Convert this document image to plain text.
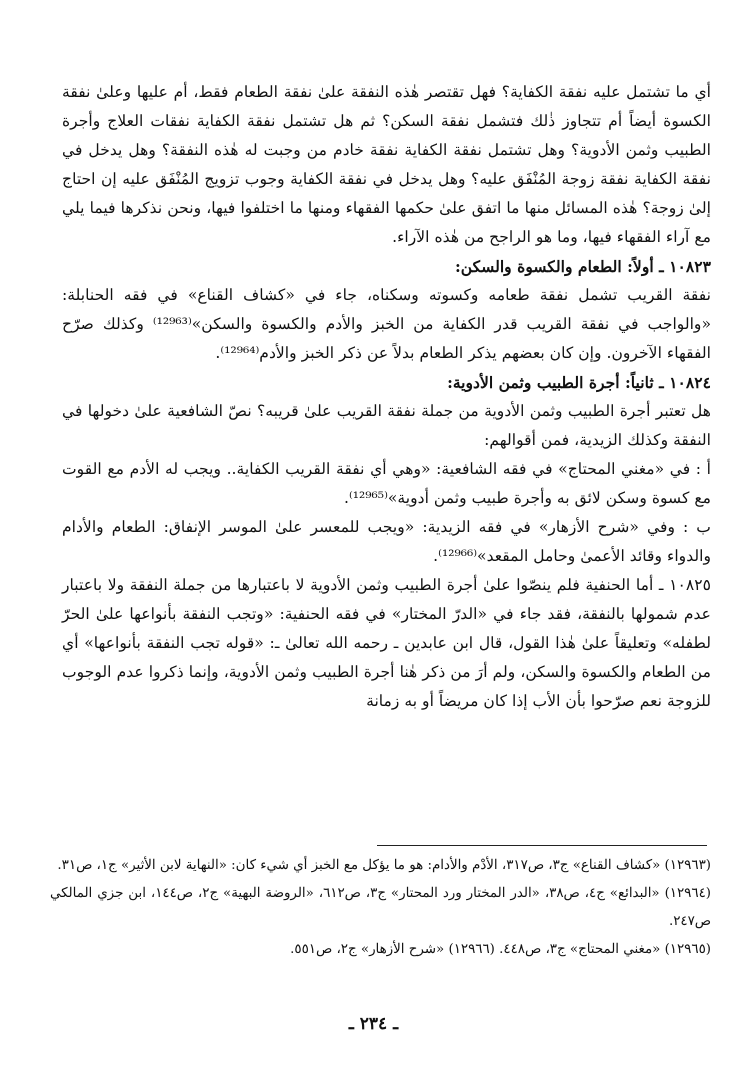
أي ما تشتمل عليه نفقة الكفاية؟ فهل تقتصر هٰذه النفقة علىٰ نفقة الطعام فقط، أم عليها وعلىٰ نفقة الكسوة أيضاً أم تتجاوز ذٰلك فتشمل نفقة السكن؟ ثم هل تشتمل نفقة الكفاية نفقات العلاج وأجرة الطبيب وثمن الأدوية؟ وهل تشتمل نفقة الكفاية نفقة خادم من وجبت له هٰذه النفقة؟ وهل يدخل في نفقة الكفاية نفقة زوجة المُنْفَق عليه؟ وهل يدخل في نفقة الكفاية وجوب تزويج المُنْفَق عليه إن احتاج إلىٰ زوجة؟ هٰذه المسائل منها ما اتفق علىٰ حكمها الفقهاء ومنها ما اختلفوا فيها، ونحن نذكرها فيما يلي مع آراء الفقهاء فيها، وما هو الراجح من هٰذه الآراء.

١٠٨٢٣ ـ أولاً: الطعام والكسوة والسكن:

نفقة القريب تشمل نفقة طعامه وكسوته وسكناه، جاء في «كشاف القناع» في فقه الحنابلة: «والواجب في نفقة القريب قدر الكفاية من الخبز والأدم والكسوة والسكن»⁽¹²⁹⁶³⁾ وكذلك صرّح الفقهاء الآخرون. وإن كان بعضهم يذكر الطعام بدلاً عن ذكر الخبز والأدم⁽¹²⁹⁶⁴⁾.

١٠٨٢٤ ـ ثانياً: أجرة الطبيب وثمن الأدوية:

هل تعتبر أجرة الطبيب وثمن الأدوية من جملة نفقة القريب علىٰ قريبه؟ نصّ الشافعية علىٰ دخولها في النفقة وكذلك الزيدية، فمن أقوالهم:

أ : في «مغني المحتاج» في فقه الشافعية: «وهي أي نفقة القريب الكفاية.. ويجب له الأدم مع القوت مع كسوة وسكن لائق به وأجرة طبيب وثمن أدوية»⁽¹²⁹⁶⁵⁾.

ب : وفي «شرح الأزهار» في فقه الزيدية: «ويجب للمعسر علىٰ الموسر الإنفاق: الطعام والأدام والدواء وقائد الأعمىٰ وحامل المقعد»⁽¹²⁹⁶⁶⁾.

١٠٨٢٥ ـ أما الحنفية فلم ينصّوا علىٰ أجرة الطبيب وثمن الأدوية لا باعتبارها من جملة النفقة ولا باعتبار عدم شمولها بالنفقة، فقد جاء في «الدرّ المختار» في فقه الحنفية: «وتجب النفقة بأنواعها علىٰ الحرّ لطفله» وتعليقاً علىٰ هٰذا القول، قال ابن عابدين ـ رحمه الله تعالىٰ ـ: «قوله تجب النفقة بأنواعها» أي من الطعام والكسوة والسكن، ولم أرَ من ذكر هٰنا أجرة الطبيب وثمن الأدوية، وإنما ذكروا عدم الوجوب للزوجة نعم صرّحوا بأن الأب إذا كان مريضاً أو به زمانة

(١٢٩٦٣) «كشاف القناع» ج٣، ص٣١٧، الأدْم والأدام: هو ما يؤكل مع الخبز أي شيء كان: «النهاية لابن الأثير» ج١، ص٣١.

(١٢٩٦٤) «البدائع» ج٤، ص٣٨، «الدر المختار ورد المحتار» ج٣، ص٦١٢، «الروضة البهية» ج٢، ص١٤٤، ابن جزي المالكي ص٢٤٧.

(١٢٩٦٥) «مغني المحتاج» ج٣، ص٤٤٨. (١٢٩٦٦) «شرح الأزهار» ج٢، ص٥٥١.

ـ ٢٣٤ ـ
